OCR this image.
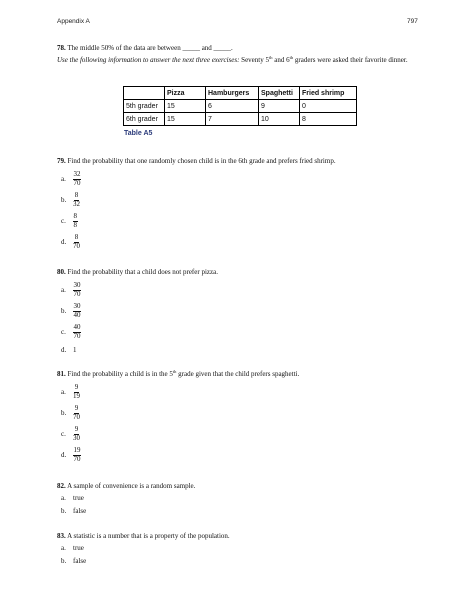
Appendix A	797
78. The middle 50% of the data are between _____ and _____.
Use the following information to answer the next three exercises: Seventy 5th and 6th graders were asked their favorite dinner.
	Pizza	Hamburgers	Spaghetti	Fried shrimp
5th grader	15	6	9	0
6th grader	15	7	10	8
Table A5
79. Find the probability that one randomly chosen child is in the 6th grade and prefers fried shrimp.
a.	$\frac{32}{70}$
b. $\frac{8}{32}$
c.	$\frac{8}{8}$
d. $\frac{8}{70}$
80. Find the probability that a child does not prefer pizza.
a.	$\frac{30}{70}$
b. $\frac{30}{40}$
c.	$\frac{40}{70}$
d. 1
81. Find the probability a child is in the 5th grade given that the child prefers spaghetti.
a.	$\frac{9}{19}$
b. $\frac{9}{70}$
c.	$\frac{9}{30}$
d. $\frac{19}{70}$
82. A sample of convenience is a random sample.
a.	true
b. false
83. A statistic is a number that is a property of the population.
a.	true
b. false
